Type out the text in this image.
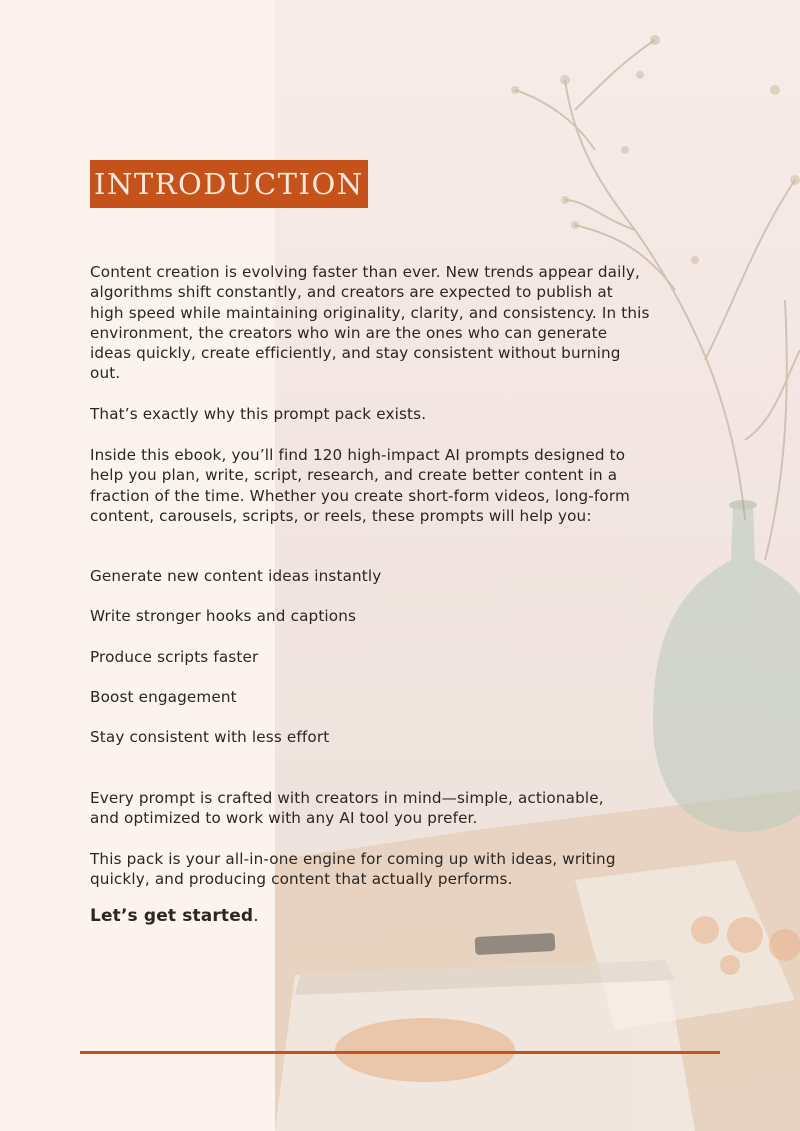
INTRODUCTION

Content creation is evolving faster than ever. New trends appear daily, algorithms shift constantly, and creators are expected to publish at high speed while maintaining originality, clarity, and consistency. In this environment, the creators who win are the ones who can generate ideas quickly, create efficiently, and stay consistent without burning out.

That’s exactly why this prompt pack exists.

Inside this ebook, you’ll find 120 high-impact AI prompts designed to help you plan, write, script, research, and create better content in a fraction of the time. Whether you create short-form videos, long-form content, carousels, scripts, or reels, these prompts will help you:

Generate new content ideas instantly

Write stronger hooks and captions

Produce scripts faster

Boost engagement

Stay consistent with less effort

Every prompt is crafted with creators in mind—simple, actionable, and optimized to work with any AI tool you prefer.

This pack is your all-in-one engine for coming up with ideas, writing quickly, and producing content that actually performs.

Let’s get started.
